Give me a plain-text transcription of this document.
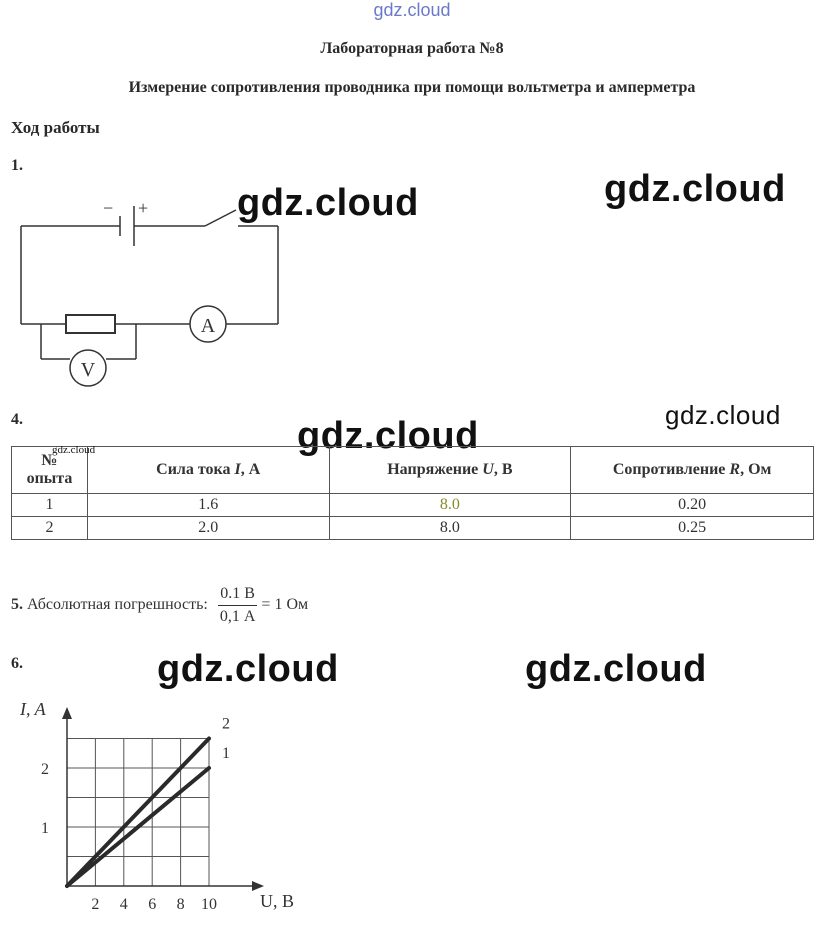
gdz.cloud
gdz.cloud	gdz.cloud
gdz.cloud
gdz.cloud
gdz.cloud	gdz.cloud
Лабораторная работа №8
Измерение сопротивления проводника при помощи вольтметра и амперметра
Ход работы
1.
− +
A
V
4.
№
опыта	Сила тока I, А	Напряжение U, В	Сопротивление R, Ом
1	1.6	8.0	0.20
2	2.0	8.0	0.25
gdz.cloud
5. Абсолютная погрешность: $\frac{0.1 В}{0,1 А} = 1$ Ом
6.
2 4 6 8 10
1
2
1
2
I, A
U, В
